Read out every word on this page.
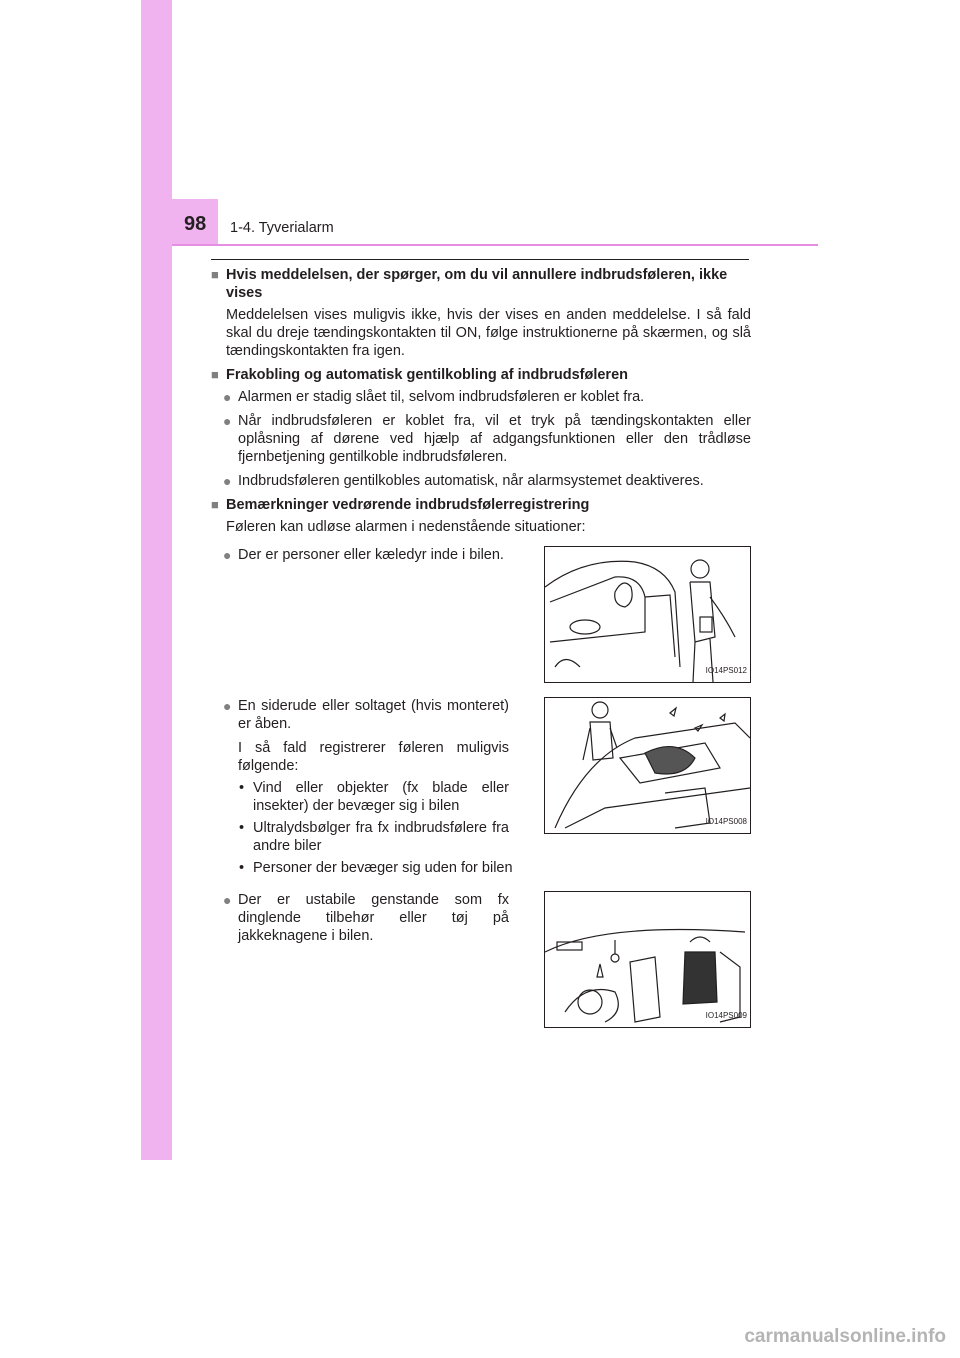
98 1-4. Tyverialarm
■ Hvis meddelelsen, der spørger, om du vil annullere indbrudsføleren, ikke vises
Meddelelsen vises muligvis ikke, hvis der vises en anden meddelelse. I så fald skal du dreje tændingskontakten til ON, følge instruktionerne på skærmen, og slå tændingskontakten fra igen.
■ Frakobling og automatisk gentilkobling af indbrudsføleren
● Alarmen er stadig slået til, selvom indbrudsføleren er koblet fra.
● Når indbrudsføleren er koblet fra, vil et tryk på tændingskontakten eller oplåsning af dørene ved hjælp af adgangsfunktionen eller den trådløse fjernbetjening gentilkoble indbrudsføleren.
● Indbrudsføleren gentilkobles automatisk, når alarmsystemet deaktiveres.
■ Bemærkninger vedrørende indbrudsfølerregistrering
Føleren kan udløse alarmen i nedenstående situationer:
● Der er personer eller kæledyr inde i bilen.
IO14PS012
● En siderude eller soltaget (hvis monteret) er åben.
I så fald registrerer føleren muligvis følgende:
• Vind eller objekter (fx blade eller insekter) der bevæger sig i bilen
• Ultralydsbølger fra fx indbrudsfølere fra andre biler
• Personer der bevæger sig uden for bilen
IO14PS008
● Der er ustabile genstande som fx dinglende tilbehør eller tøj på jakkeknagene i bilen.
IO14PS009
carmanualsonline.info
